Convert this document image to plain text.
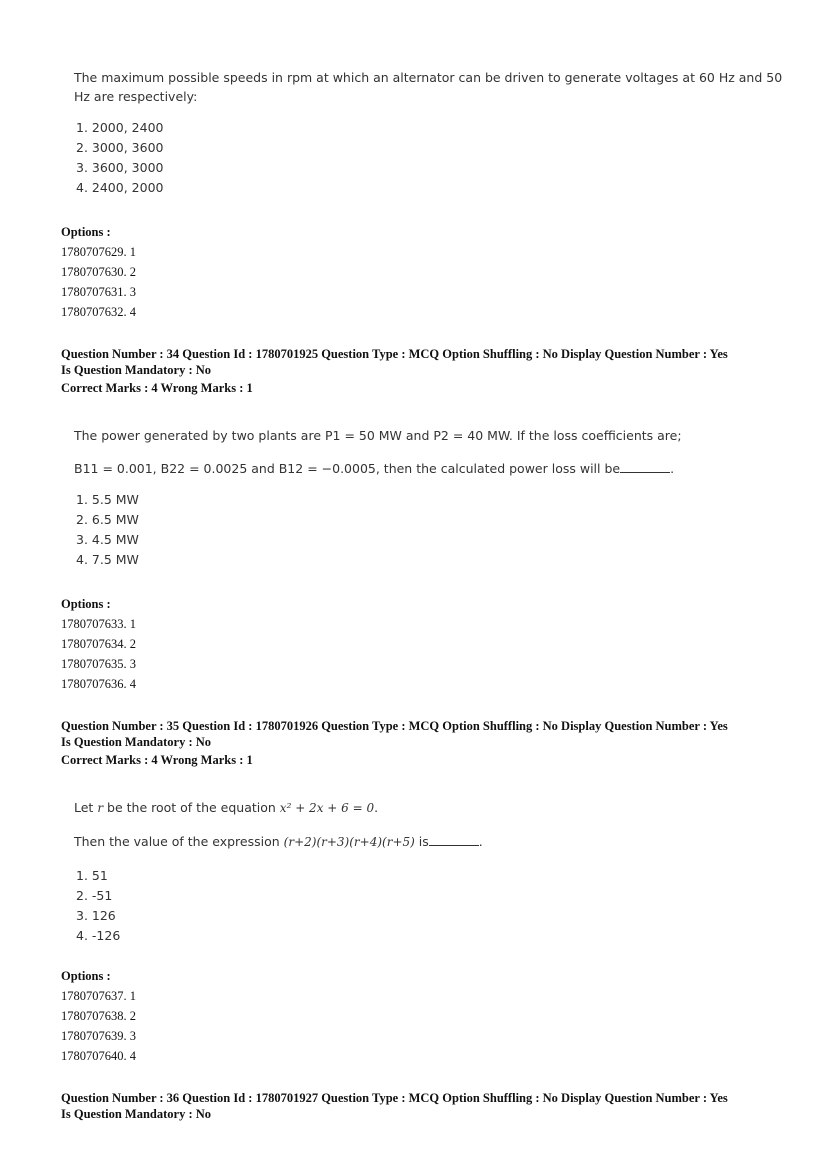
The maximum possible speeds in rpm at which an alternator can be driven to generate voltages at 60 Hz and 50 Hz are respectively:

1. 2000, 2400
2. 3000, 3600
3. 3600, 3000
4. 2400, 2000
Options :
1780707629. 1
1780707630. 2
1780707631. 3
1780707632. 4
Question Number : 34 Question Id : 1780701925 Question Type : MCQ Option Shuffling : No Display Question Number : Yes
Is Question Mandatory : No
Correct Marks : 4 Wrong Marks : 1

The power generated by two plants are P1 = 50 MW and P2 = 40 MW. If the loss coefficients are;

B11 = 0.001, B22 = 0.0025 and B12 = −0.0005, then the calculated power loss will be	.

1. 5.5 MW
2. 6.5 MW
3. 4.5 MW
4. 7.5 MW
Options :
1780707633. 1
1780707634. 2
1780707635. 3
1780707636. 4
Question Number : 35 Question Id : 1780701926 Question Type : MCQ Option Shuffling : No Display Question Number : Yes
Is Question Mandatory : No
Correct Marks : 4 Wrong Marks : 1

Let r be the root of the equation x² + 2x + 6 = 0.

Then the value of the expression (r+2)(r+3)(r+4)(r+5) is	.

1. 51
2. -51
3. 126
4. -126
Options :
1780707637. 1
1780707638. 2
1780707639. 3
1780707640. 4
Question Number : 36 Question Id : 1780701927 Question Type : MCQ Option Shuffling : No Display Question Number : Yes
Is Question Mandatory : No
